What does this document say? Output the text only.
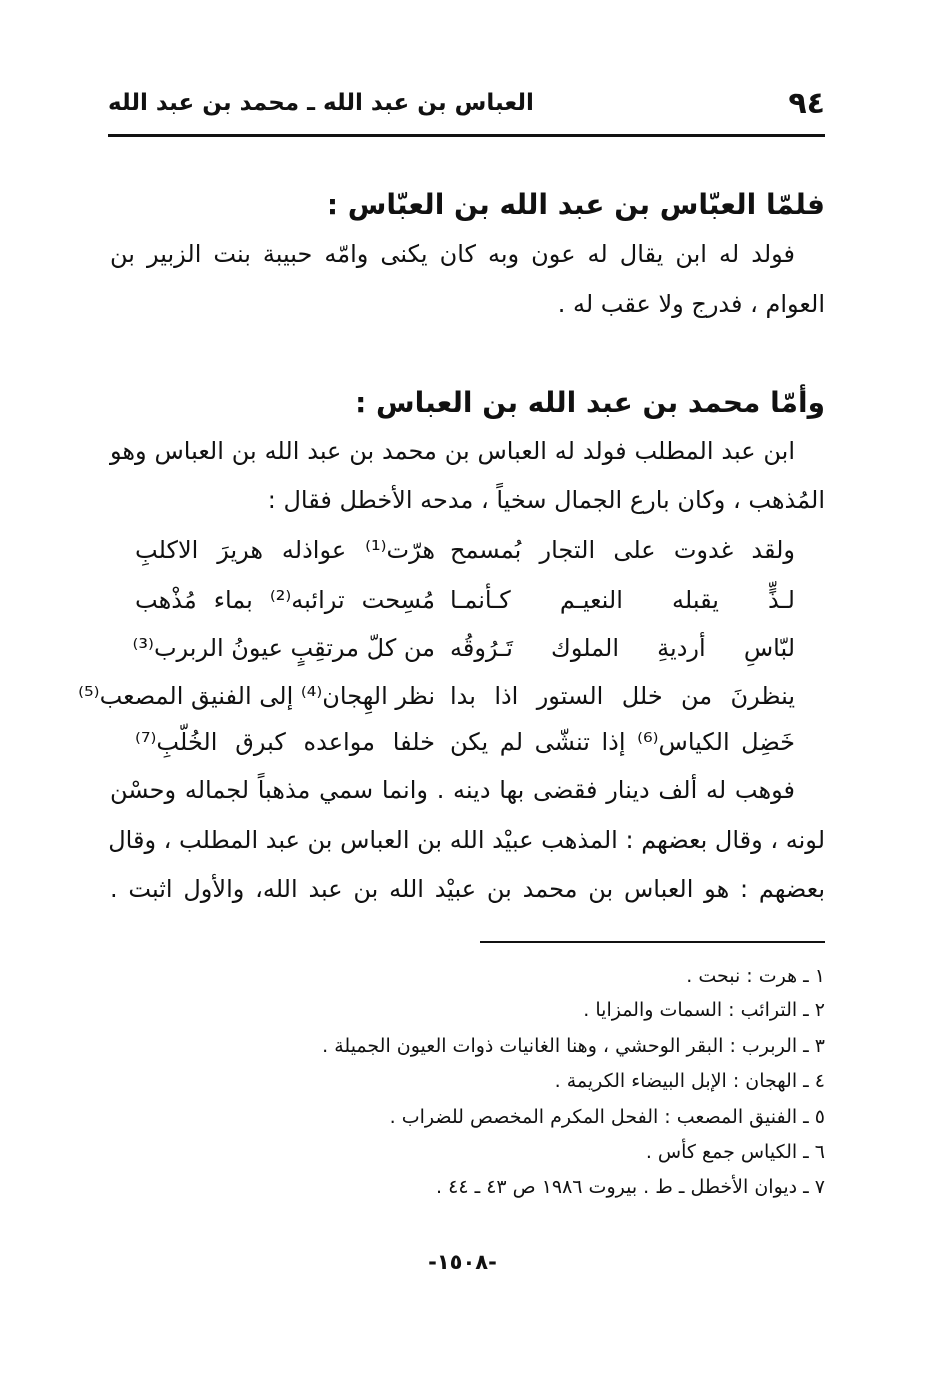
٩٤
العباس بن عبد الله ـ محمد بن عبد الله
فلمّا العبّاس بن عبد الله بن العبّاس :
فولد له ابن يقال له عون وبه كان يكنى وامّه حبيبة بنت الزبير بن
العوام ، فدرج ولا عقب له .
وأمّا محمد بن عبد الله بن العباس :
ابن عبد المطلب فولد له العباس بن محمد بن عبد الله بن العباس وهو
المُذهب ، وكان بارع الجمال سخياً ، مدحه الأخطل فقال :
ولقد غدوت على التجار بُمسمح
هرّت⁽¹⁾ عواذله هريرَ الاكلبِ
لـذٍّ يقبله النعيـم كـأنمـا
مُسِحت ترائبه⁽²⁾ بماء مُذْهب
لبّاسِ أرديةِ الملوك تَـرُوقُه
من كلّ مرتقِبٍ عيونُ الربرب⁽³⁾
ينظرنَ من خلل الستور اذا بدا
نظر الهِجان⁽⁴⁾ إلى الفنيق المصعب⁽⁵⁾
خَضِل الكياس⁽⁶⁾ إذا تنشّى لم يكن
خلفا مواعده كبرق الخُلّبِ⁽⁷⁾
فوهب له ألف دينار فقضى بها دينه . وانما سمي مذهباً لجماله وحسْن
لونه ، وقال بعضهم : المذهب عبيْد الله بن العباس بن عبد المطلب ، وقال
بعضهم : هو العباس بن محمد بن عبيْد الله بن عبد الله، والأول اثبت .
١ ـ هرت : نبحت .
٢ ـ الترائب : السمات والمزايا .
٣ ـ الربرب : البقر الوحشي ، وهنا الغانيات ذوات العيون الجميلة .
٤ ـ الهجان : الإبل البيضاء الكريمة .
٥ ـ الفنيق المصعب : الفحل المكرم المخصص للضراب .
٦ ـ الكياس جمع كأس .
٧ ـ ديوان الأخطل ـ ط . بيروت ١٩٨٦ ص ٤٣ ـ ٤٤ .
-١٥٠٨-
